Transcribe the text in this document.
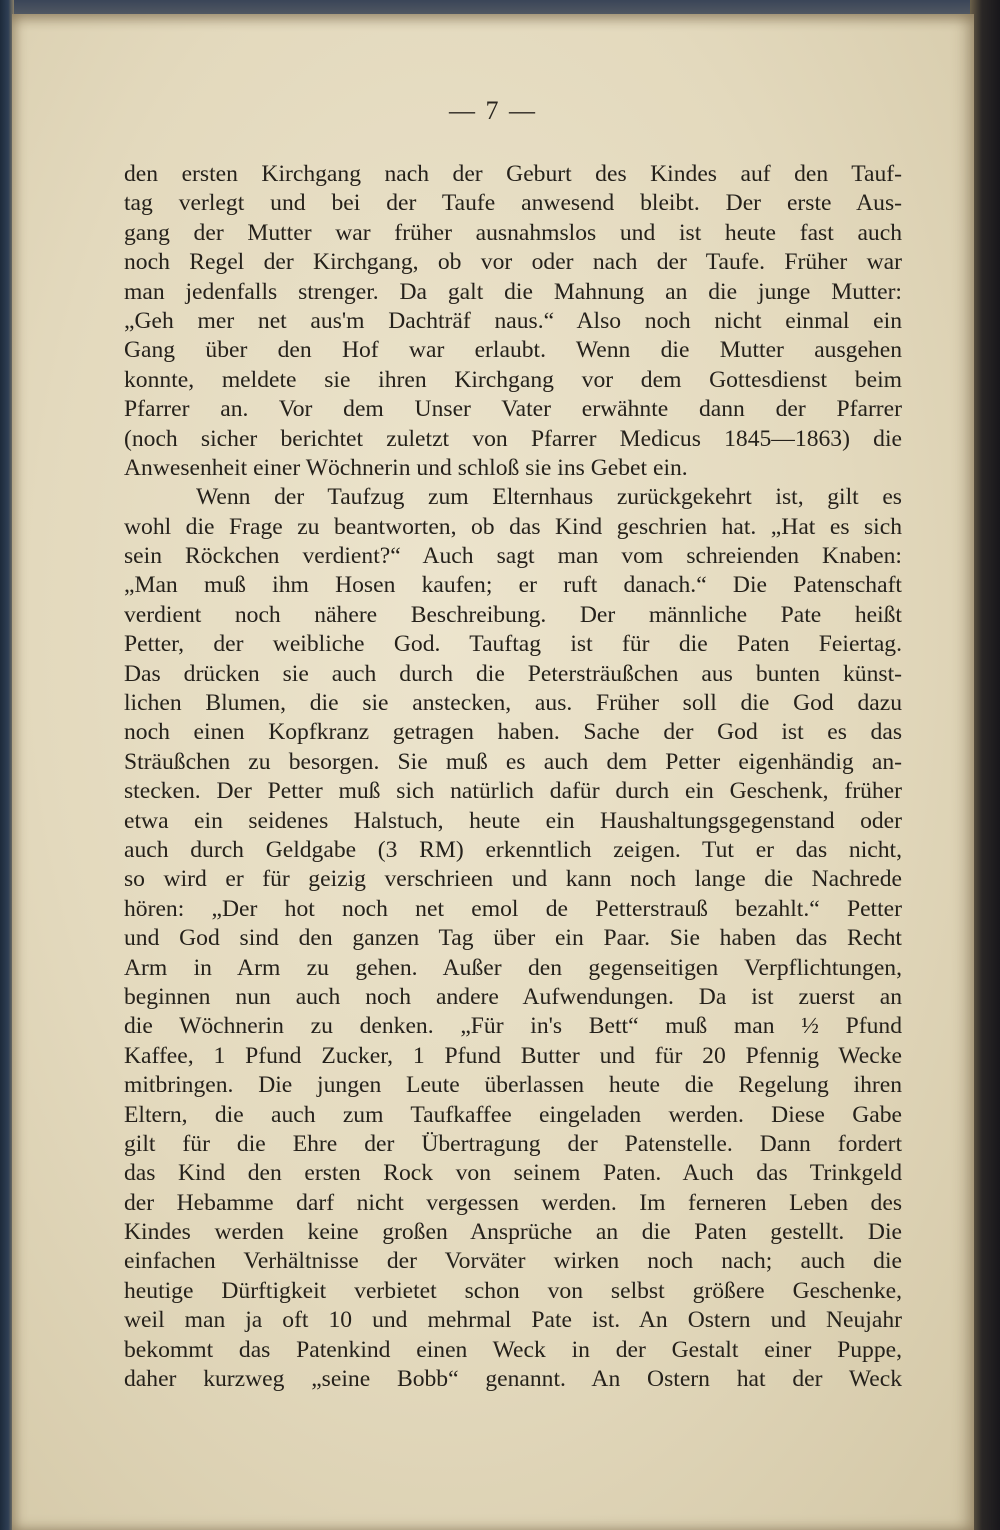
— 7 —
den ersten Kirchgang nach der Geburt des Kindes auf den Tauf-
tag verlegt und bei der Taufe anwesend bleibt. Der erste Aus-
gang der Mutter war früher ausnahmslos und ist heute fast auch
noch Regel der Kirchgang, ob vor oder nach der Taufe. Früher war
man jedenfalls strenger. Da galt die Mahnung an die junge Mutter:
„Geh mer net aus'm Dachträf naus.“ Also noch nicht einmal ein
Gang über den Hof war erlaubt. Wenn die Mutter ausgehen
konnte, meldete sie ihren Kirchgang vor dem Gottesdienst beim
Pfarrer an. Vor dem Unser Vater erwähnte dann der Pfarrer
(noch sicher berichtet zuletzt von Pfarrer Medicus 1845—1863) die
Anwesenheit einer Wöchnerin und schloß sie ins Gebet ein.
Wenn der Taufzug zum Elternhaus zurückgekehrt ist, gilt es
wohl die Frage zu beantworten, ob das Kind geschrien hat. „Hat es sich
sein Röckchen verdient?“ Auch sagt man vom schreienden Knaben:
„Man muß ihm Hosen kaufen; er ruft danach.“ Die Patenschaft
verdient noch nähere Beschreibung. Der männliche Pate heißt
Petter, der weibliche God. Tauftag ist für die Paten Feiertag.
Das drücken sie auch durch die Petersträußchen aus bunten künst-
lichen Blumen, die sie anstecken, aus. Früher soll die God dazu
noch einen Kopfkranz getragen haben. Sache der God ist es das
Sträußchen zu besorgen. Sie muß es auch dem Petter eigenhändig an-
stecken. Der Petter muß sich natürlich dafür durch ein Geschenk, früher
etwa ein seidenes Halstuch, heute ein Haushaltungsgegenstand oder
auch durch Geldgabe (3 RM) erkenntlich zeigen. Tut er das nicht,
so wird er für geizig verschrieen und kann noch lange die Nachrede
hören: „Der hot noch net emol de Petterstrauß bezahlt.“ Petter
und God sind den ganzen Tag über ein Paar. Sie haben das Recht
Arm in Arm zu gehen. Außer den gegenseitigen Verpflichtungen,
beginnen nun auch noch andere Aufwendungen. Da ist zuerst an
die Wöchnerin zu denken. „Für in's Bett“ muß man ½ Pfund
Kaffee, 1 Pfund Zucker, 1 Pfund Butter und für 20 Pfennig Wecke
mitbringen. Die jungen Leute überlassen heute die Regelung ihren
Eltern, die auch zum Taufkaffee eingeladen werden. Diese Gabe
gilt für die Ehre der Übertragung der Patenstelle. Dann fordert
das Kind den ersten Rock von seinem Paten. Auch das Trinkgeld
der Hebamme darf nicht vergessen werden. Im ferneren Leben des
Kindes werden keine großen Ansprüche an die Paten gestellt. Die
einfachen Verhältnisse der Vorväter wirken noch nach; auch die
heutige Dürftigkeit verbietet schon von selbst größere Geschenke,
weil man ja oft 10 und mehrmal Pate ist. An Ostern und Neujahr
bekommt das Patenkind einen Weck in der Gestalt einer Puppe,
daher kurzweg „seine Bobb“ genannt. An Ostern hat der Weck
